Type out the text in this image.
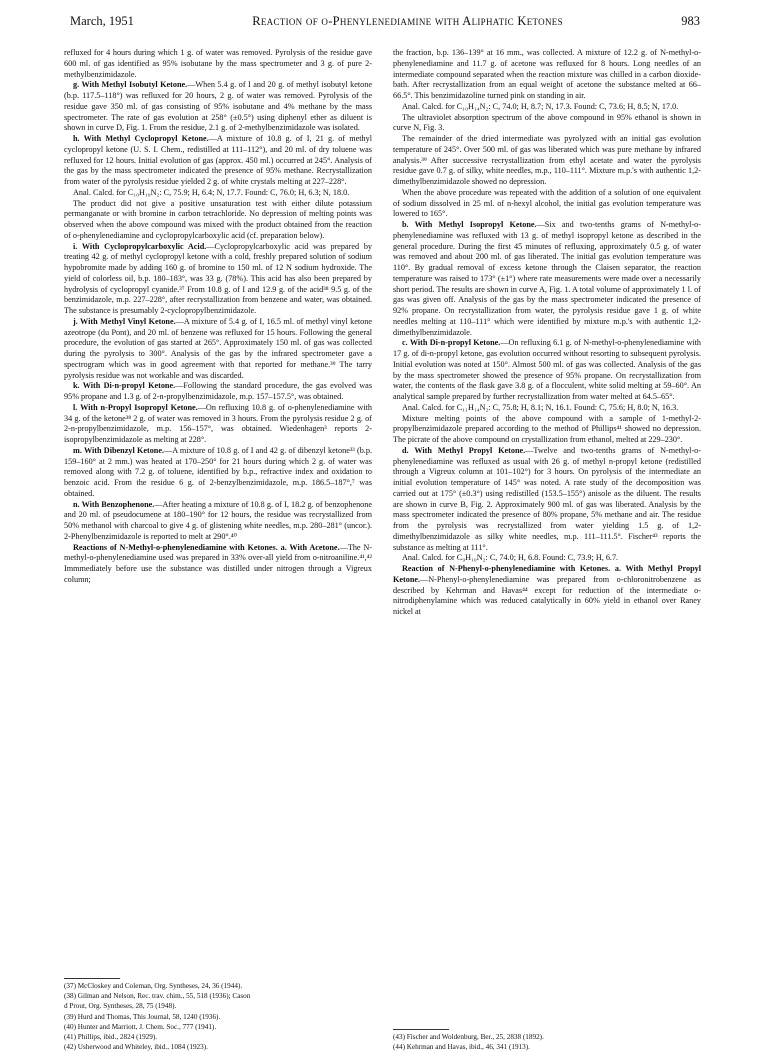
March, 1951	Reaction of o-Phenylenediamine with Aliphatic Ketones	983

refluxed for 4 hours during which 1 g. of water was removed. Pyrolysis of the residue gave 600 ml. of gas identified as 95% isobutane by the mass spectrometer and 3 g. of pure 2-methylbenzimidazole.

g. With Methyl Isobutyl Ketone.—When 5.4 g. of I and 20 g. of methyl isobutyl ketone (b.p. 117.5–118°) was refluxed for 20 hours, 2 g. of water was removed. Pyrolysis of the residue gave 350 ml. of gas consisting of 95% isobutane and 4% methane by the mass spectrometer. The rate of gas evolution at 258° (±0.5°) using diphenyl ether as diluent is shown in curve D, Fig. 1. From the residue, 2.1 g. of 2-methylbenzimidazole was isolated.

h. With Methyl Cyclopropyl Ketone.—A mixture of 10.8 g. of I, 21 g. of methyl cyclopropyl ketone (U. S. I. Chem., redistilled at 111–112°), and 20 ml. of dry toluene was refluxed for 12 hours. Initial evolution of gas (approx. 450 ml.) occurred at 245°. Analysis of the gas by the mass spectrometer indicated the presence of 95% methane. Recrystallization from water of the pyrolysis residue yielded 2 g. of white crystals melting at 227–228°.

Anal. Calcd. for C₁₀H₁₀N₂: C, 75.9; H, 6.4; N, 17.7. Found: C, 76.0; H, 6.3; N, 18.0.

The product did not give a positive unsaturation test with either dilute potassium permanganate or with bromine in carbon tetrachloride. No depression of melting points was observed when the above compound was mixed with the product obtained from the reaction of o-phenylenediamine and cyclopropylcarboxylic acid (cf. preparation below).

i. With Cyclopropylcarboxylic Acid.—Cyclopropylcarboxylic acid was prepared by treating 42 g. of methyl cyclopropyl ketone with a cold, freshly prepared solution of sodium hypobromite made by adding 160 g. of bromine to 150 ml. of 12 N sodium hydroxide. The yield of colorless oil, b.p. 180–183°, was 33 g. (78%). This acid has also been prepared by hydrolysis of cyclopropyl cyanide.³⁷ From 10.8 g. of I and 12.9 g. of the acid³⁸ 9.5 g. of the benzimidazole, m.p. 227–228°, after recrystallization from benzene and water, was obtained. The substance is presumably 2-cyclopropylbenzimidazole.

j. With Methyl Vinyl Ketone.—A mixture of 5.4 g. of I, 16.5 ml. of methyl vinyl ketone azeotrope (du Pont), and 20 ml. of benzene was refluxed for 15 hours. Following the general procedure, the evolution of gas started at 265°. Approximately 150 ml. of gas was collected during the pyrolysis to 300°. Analysis of the gas by the infrared spectrometer gave a spectrogram which was in good agreement with that reported for methane.³⁹ The tarry pyrolysis residue was not workable and was discarded.

k. With Di-n-propyl Ketone.—Following the standard procedure, the gas evolved was 95% propane and 1.3 g. of 2-n-propylbenzimidazole, m.p. 157–157.5°, was obtained.

l. With n-Propyl Isopropyl Ketone.—On refluxing 10.8 g. of o-phenylenediamine with 34 g. of the ketone³⁸ 2 g. of water was removed in 3 hours. From the pyrolysis residue 2 g. of 2-n-propylbenzimidazole, m.p. 156–157°, was obtained. Wiedenhagen³ reports 2-isopropylbenzimidazole as melting at 228°.

m. With Dibenzyl Ketone.—A mixture of 10.8 g. of I and 42 g. of dibenzyl ketone³³ (b.p. 159–160° at 2 mm.) was heated at 170–250° for 21 hours during which 2 g. of water was removed along with 7.2 g. of toluene, identified by b.p., refractive index and oxidation to benzoic acid. From the residue 6 g. of 2-benzylbenzimidazole, m.p. 186.5–187°,⁷ was obtained.

n. With Benzophenone.—After heating a mixture of 10.8 g. of I, 18.2 g. of benzophenone and 20 ml. of pseudocumene at 180–190° for 12 hours, the residue was recrystallized from 50% methanol with charcoal to give 4 g. of glistening white needles, m.p. 280–281° (uncor.). 2-Phenylbenzimidazole is reported to melt at 290°.⁴⁰

Reactions of N-Methyl-o-phenylenediamine with Ketones. a. With Acetone.—The N-methyl-o-phenylenediamine used was prepared in 33% over-all yield from o-nitroaniline.⁴¹,⁴² Immmediately before use the substance was distilled under nitrogen through a Vigreux column;

the fraction, b.p. 136–139° at 16 mm., was collected. A mixture of 12.2 g. of N-methyl-o-phenylenediamine and 11.7 g. of acetone was refluxed for 8 hours. Long needles of an intermediate compound separated when the reaction mixture was chilled in a carbon dioxide-bath. After recrystallization from an equal weight of acetone the substance melted at 66–66.5°. This benzimidazoline turned pink on standing in air.

Anal. Calcd. for C₁₀H₁₄N₂: C, 74.0; H, 8.7; N, 17.3. Found: C, 73.6; H, 8.5; N, 17.0.

The ultraviolet absorption spectrum of the above compound in 95% ethanol is shown in curve N, Fig. 3.

The remainder of the dried intermediate was pyrolyzed with an initial gas evolution temperature of 245°. Over 500 ml. of gas was liberated which was pure methane by infrared analysis.³⁹ After successive recrystallization from ethyl acetate and water the pyrolysis residue gave 0.7 g. of silky, white needles, m.p., 110–111°. Mixture m.p.'s with authentic 1,2-dimethylbenzimidazole showed no depression.

When the above procedure was repeated with the addition of a solution of one equivalent of sodium dissolved in 25 ml. of n-hexyl alcohol, the initial gas evolution temperature was lowered to 165°.

b. With Methyl Isopropyl Ketone.—Six and two-tenths grams of N-methyl-o-phenylenediamine was refluxed with 13 g. of methyl isopropyl ketone as described in the general procedure. During the first 45 minutes of refluxing, approximately 0.5 g. of water was removed and about 200 ml. of gas liberated. The initial gas evolution temperature was 110°. By gradual removal of excess ketone through the Claisen separator, the reaction temperature was raised to 173° (±1°) where rate measurements were made over a necessarily short period. The results are shown in curve A, Fig. 1. A total volume of approximately 1 l. of gas was given off. Analysis of the gas by the mass spectrometer indicated the presence of 92% propane. On recrystallization from water, the pyrolysis residue gave 1 g. of white needles melting at 110–111° which were identified by mixture m.p.'s with authentic 1,2-dimethylbenzimidazole.

c. With Di-n-propyl Ketone.—On refluxing 6.1 g. of N-methyl-o-phenylenediamine with 17 g. of di-n-propyl ketone, gas evolution occurred without resorting to subsequent pyrolysis. Initial evolution was noted at 150°. Almost 500 ml. of gas was collected. Analysis of the gas by the mass spectrometer showed the presence of 95% propane. On recrystallization from water, the contents of the flask gave 3.8 g. of a flocculent, white solid melting at 59–60°. An analytical sample prepared by further recrystallization from water melted at 64.5–65°.

Anal. Calcd. for C₁₁H₁₄N₂: C, 75.8; H, 8.1; N, 16.1. Found: C, 75.6; H, 8.0; N, 16.3.

Mixture melting points of the above compound with a sample of 1-methyl-2-propylbenzimidazole prepared according to the method of Phillips⁴¹ showed no depression. The picrate of the above compound on crystallization from ethanol, melted at 229–230°.

d. With Methyl Propyl Ketone.—Twelve and two-tenths grams of N-methyl-o-phenylenediamine was refluxed as usual with 26 g. of methyl n-propyl ketone (redistilled through a Vigreux column at 101–102°) for 3 hours. On pyrolysis of the intermediate an initial evolution temperature of 145° was noted. A rate study of the decomposition was carried out at 175° (±0.3°) using redistilled (153.5–155°) anisole as the diluent. The results are shown in curve B, Fig. 2. Approximately 900 ml. of gas was liberated. Analysis by the mass spectrometer indicated the presence of 80% propane, 5% methane and air. The residue from the pyrolysis was recrystallized from water yielding 1.5 g. of 1,2-dimethylbenzimidazole as silky white needles, m.p. 111–111.5°. Fischer⁴³ reports the substance as melting at 111°.

Anal. Calcd. for C₉H₁₀N₂: C, 74.0; H, 6.8. Found: C, 73.9; H, 6.7.

Reaction of N-Phenyl-o-phenylenediamine with Ketones. a. With Methyl Propyl Ketone.—N-Phenyl-o-phenylenediamine was prepared from o-chloronitrobenzene as described by Kehrman and Havas⁴⁴ except for reduction of the intermediate o-nitrodiphenylamine which was reduced catalytically in 60% yield in ethanol over Raney nickel at

(37) McCloskey and Coleman, Org. Syntheses, 24, 36 (1944).
(38) Gilman and Nelson, Rec. trav. chim., 55, 518 (1936); Cason
d Prout, Org. Syntheses, 28, 75 (1948).
(39) Hurd and Thomas, This Journal, 58, 1240 (1936).
(40) Hunter and Marriott, J. Chem. Soc., 777 (1941).
(41) Phillips, ibid., 2824 (1929).
(42) Usherwood and Whiteley, ibid., 1084 (1923).
(43) Fischer and Woldenburg, Ber., 25, 2838 (1892).
(44) Kehrman and Havas, ibid., 46, 341 (1913).
